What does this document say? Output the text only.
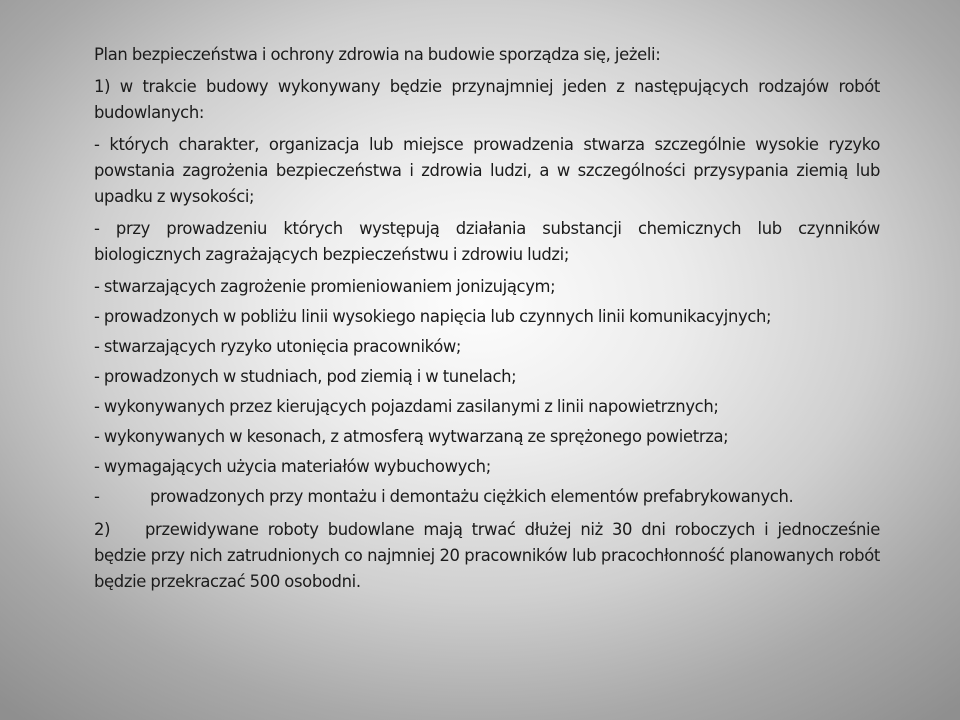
Plan bezpieczeństwa i ochrony zdrowia na budowie sporządza się, jeżeli:
1) w trakcie budowy wykonywany będzie przynajmniej jeden z następujących rodzajów robót budowlanych:
- których charakter, organizacja lub miejsce prowadzenia stwarza szczególnie wysokie ryzyko powstania zagrożenia bezpieczeństwa i zdrowia ludzi, a w szczególności przysypania ziemią lub upadku z wysokości;
- przy prowadzeniu których występują działania substancji chemicznych lub czynników biologicznych zagrażających bezpieczeństwu i zdrowiu ludzi;
- stwarzających zagrożenie promieniowaniem jonizującym;
- prowadzonych w pobliżu linii wysokiego napięcia lub czynnych linii komunikacyjnych;
- stwarzających ryzyko utonięcia pracowników;
- prowadzonych w studniach, pod ziemią i w tunelach;
- wykonywanych przez kierujących pojazdami zasilanymi z linii napowietrznych;
- wykonywanych w kesonach, z atmosferą wytwarzaną ze sprężonego powietrza;
- wymagających użycia materiałów wybuchowych;
-	prowadzonych przy montażu i demontażu ciężkich elementów prefabrykowanych.
2) przewidywane roboty budowlane mają trwać dłużej niż 30 dni roboczych i jednocześnie będzie przy nich zatrudnionych co najmniej 20 pracowników lub pracochłonność planowanych robót będzie przekraczać 500 osobodni.
